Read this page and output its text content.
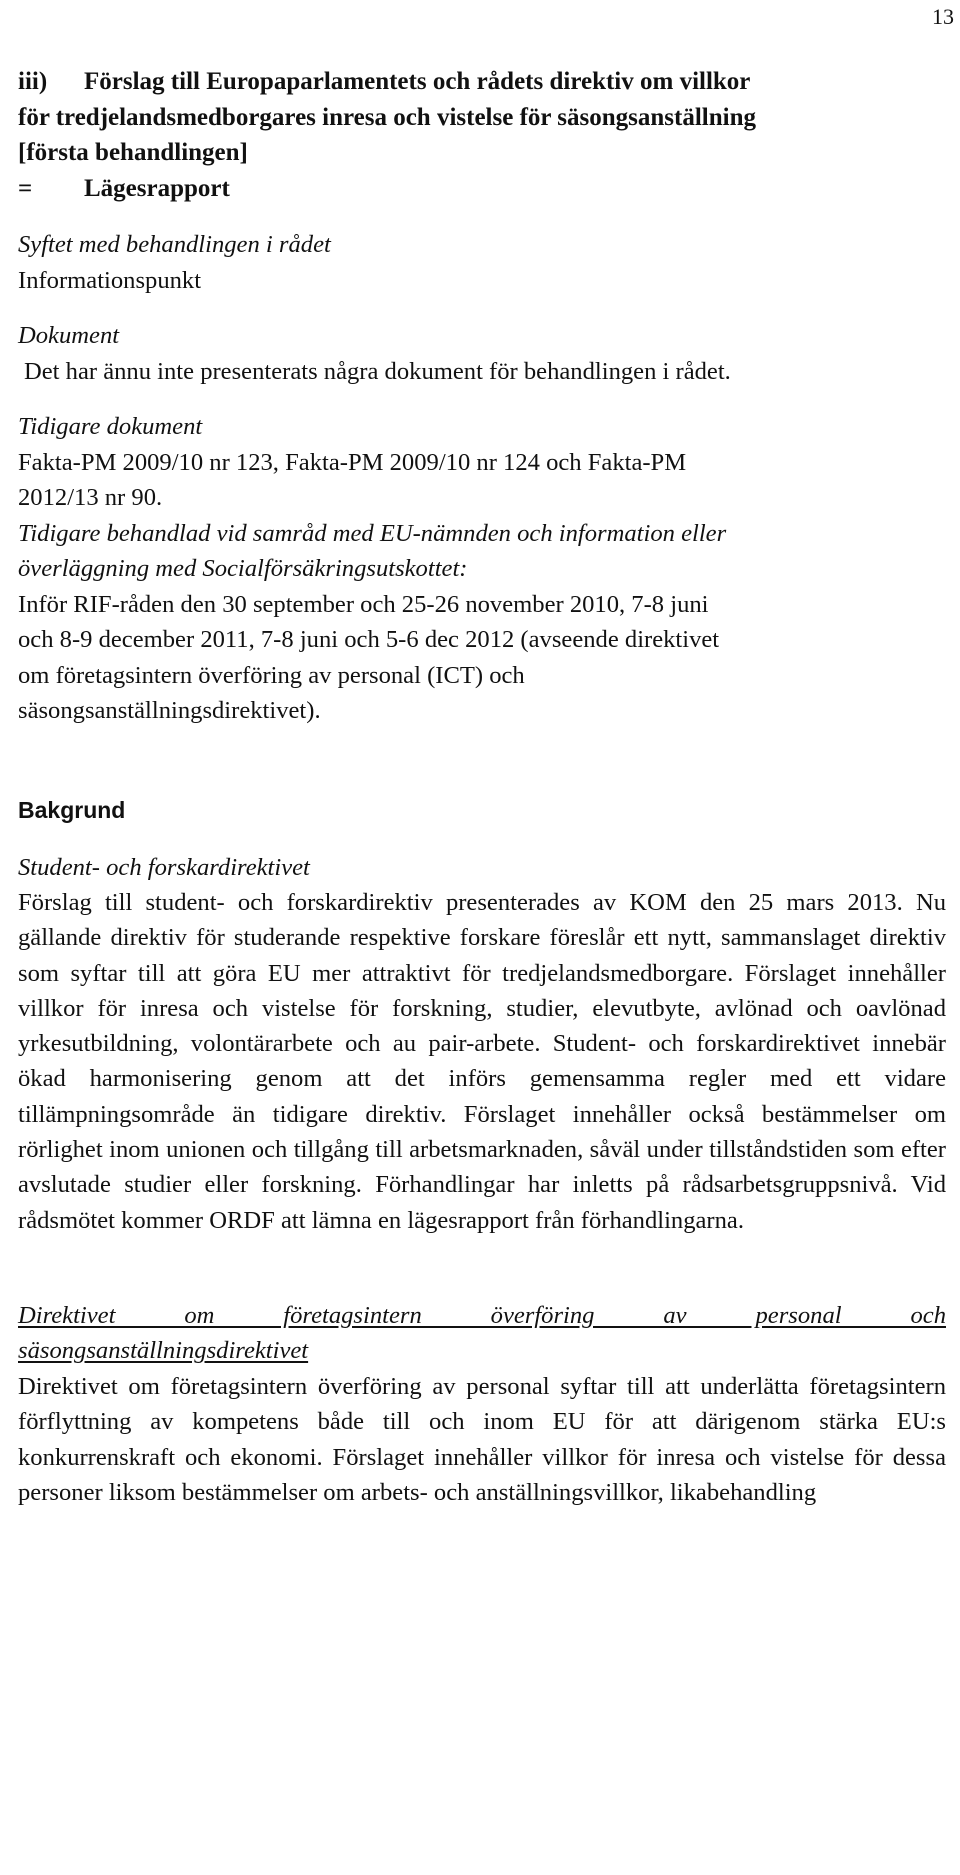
13
iii)	Förslag till Europaparlamentets och rådets direktiv om villkor
för tredjelandsmedborgares inresa och vistelse för säsongsanställning
[första behandlingen]
=	Lägesrapport
Syftet med behandlingen i rådet
Informationspunkt
Dokument
Det har ännu inte presenterats några dokument för behandlingen i rådet.
Tidigare dokument
Fakta-PM 2009/10 nr 123, Fakta-PM 2009/10 nr 124 och Fakta-PM
2012/13 nr 90.
Tidigare behandlad vid samråd med EU-nämnden och information eller
överläggning med Socialförsäkringsutskottet:
Inför RIF-råden den 30 september och 25-26 november 2010, 7-8 juni
och 8-9 december 2011, 7-8 juni och 5-6 dec 2012 (avseende direktivet
om företagsintern överföring av personal (ICT) och
säsongsanställningsdirektivet).
Bakgrund
Student- och forskardirektivet

Förslag till student- och forskardirektiv presenterades av KOM den 25 mars 2013. Nu gällande direktiv för studerande respektive forskare föreslår ett nytt, sammanslaget direktiv som syftar till att göra EU mer attraktivt för tredjelandsmedborgare. Förslaget innehåller villkor för inresa och vistelse för forskning, studier, elevutbyte, avlönad och oavlönad yrkesutbildning, volontärarbete och au pair-arbete. Student- och forskardirektivet innebär ökad harmonisering genom att det införs gemensamma regler med ett vidare tillämpningsområde än tidigare direktiv. Förslaget innehåller också bestämmelser om rörlighet inom unionen och tillgång till arbetsmarknaden, såväl under tillståndstiden som efter avslutade studier eller forskning. Förhandlingar har inletts på rådsarbetsgruppsnivå. Vid rådsmötet kommer ORDF att lämna en lägesrapport från förhandlingarna.

Direktivet om företagsintern överföring av personal och
säsongsanställningsdirektivet

Direktivet om företagsintern överföring av personal syftar till att underlätta företagsintern förflyttning av kompetens både till och inom EU för att därigenom stärka EU:s konkurrenskraft och ekonomi. Förslaget innehåller villkor för inresa och vistelse för dessa personer liksom bestämmelser om arbets- och anställningsvillkor, likabehandling
